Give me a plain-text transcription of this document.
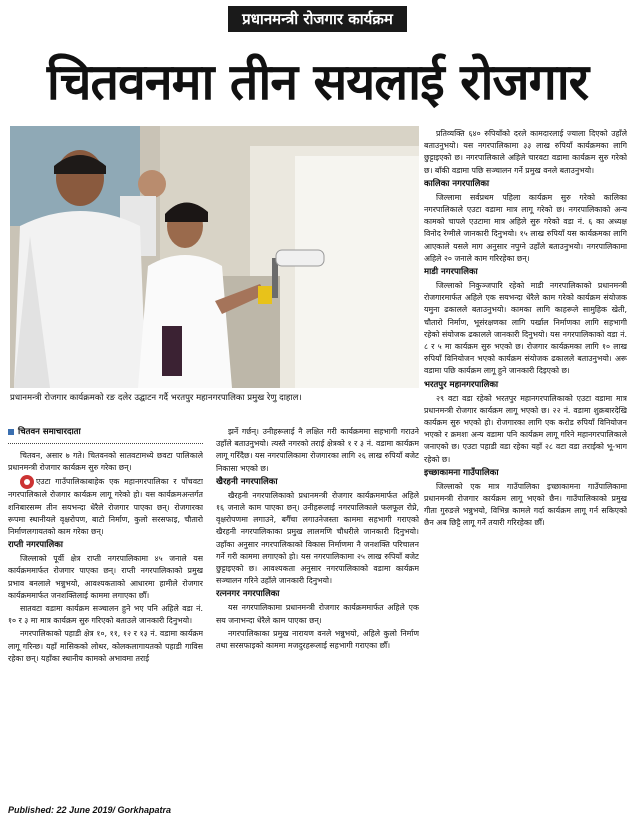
प्रधानमन्त्री रोजगार कार्यक्रम
चितवनमा तीन सयलाई रोजगार
प्रधानमन्त्री रोजगार कार्यक्रमको रङ दलेर उद्घाटन गर्दै भरतपुर महानगरपालिका प्रमुख रेणु दाहाल।
चितवन समाचारदाता

चितवन, असार ७ गते। चितवनको सातवटामध्ये छवटा पालिकाले प्रधानमन्त्री रोजगार कार्यक्रम सुरु गरेका छन्।

एउटा गाउँपालिकाबाहेक एक महानगरपालिका र पाँचवटा नगरपालिकाले रोजगार कार्यक्रम लागू गरेको हो। यस कार्यक्रमअन्तर्गत शनिबारसम्म तीन सयभन्दा धेरैले रोजगार पाएका छन्। रोजगारका रूपमा स्थानीयले वृक्षरोपण, बाटो निर्माण, कुलो सरसफाइ, चौतारो निर्माणलगायतको काम गरेका छन्।

राप्ती नगरपालिका

जिल्लाको पूर्वी क्षेत्र राप्ती नगरपालिकामा ४५ जनाले यस कार्यक्रममार्फत रोजगार पाएका छन्। राप्ती नगरपालिकाको प्रमुख प्रभाव बनलाले भन्नुभयो, आवश्यकताको आधारमा हामीले रोजगार कार्यक्रममार्फत जनशक्तिलाई काममा लगाएका छौँ।

सातवटा वडामा कार्यक्रम सञ्चालन हुने भए पनि अहिले वडा नं. १० र ३ मा मात्र कार्यक्रम सुरु गरिएको बताउले जानकारी दिनुभयो।

नगरपालिकाको पहाडी क्षेत्र १०, ११, १२ र १३ नं. वडामा कार्यक्रम लागू गरिन्छ। यहाँ मासिकको लोथर, कोलकलागायतको पहाडी गाविस रहेका छन्। यहाँका स्थानीय कामको अभावमा तराई

झर्ने गर्छन्। उनीहरूलाई नै लक्षित गरी कार्यक्रममा सहभागी गराउने उहाँले बताउनुभयो। त्यस्तै नगरको तराई क्षेत्रको १ र ३ नं. वडामा कार्यक्रम लागू गरिँदैछ। यस नगरपालिकामा रोजगारका लागि २६ लाख रुपियाँ बजेट निकासा भएको छ।

खैरहनी नगरपालिका

खैरहनी नगरपालिकाको प्रधानमन्त्री रोजगार कार्यक्रममार्फत अहिले १६ जनाले काम पाएका छन्। उनीहरूलाई नगरपालिकाले फलफूल रोप्ने, वृक्षरोपणमा लगाउने, बगैँचा लगाउनेजस्ता काममा सहभागी गराएको खैरहनी नगरपालिकाका प्रमुख लालमणि चौधरीले जानकारी दिनुभयो। उहाँका अनुसार नगरपालिकाको विकास निर्माणमा नै जनशक्ति परिचालन गर्ने गरी काममा लगाएको हो। यस नगरपालिकामा २५ लाख रुपियाँ बजेट छुट्टाइएको छ। आवश्यकता अनुसार नगरपालिकाको वडामा कार्यक्रम सञ्चालन गरिने उहाँले जानकारी दिनुभयो।

रत्ननगर नगरपालिका

यस नगरपालिकामा प्रधानमन्त्री रोजगार कार्यक्रममार्फत अहिले एक सय जनाभन्दा धेरैले काम पाएका छन्।

नगरपालिकाका प्रमुख नारायण वनले भन्नुभयो, अहिले कुलो निर्माण तथा सरसफाइको काममा मजदुरहरूलाई सहभागी गराएका छौँ।

प्रतिव्यक्ति ६४० रुपियाँको दरले कामदारलाई ज्याला दिएको उहाँले बताउनुभयो। यस नगरपालिकामा ३३ लाख रुपियाँ कार्यक्रमका लागि छुट्टाइएको छ। नगरपालिकाले अहिले चारवटा वडामा कार्यक्रम सुरु गरेको छ। बाँकी वडामा पछि सञ्चालन गर्ने प्रमुख वनले बताउनुभयो।

कालिका नगरपालिका

जिल्लामा सर्वप्रथम पहिला कार्यक्रम सुरु गरेको कालिका नगरपालिकाले एउटा वडामा मात्र लागू गरेको छ। नगरपालिकाको अन्य कामको चापले एउटामा मात्र अहिले सुरु गरेको वडा नं. ६ का अध्यक्ष विनोद रेग्मीले जानकारी दिनुभयो। १५ लाख रुपियाँ यस कार्यक्रमका लागि आएकाले यसले माग अनुसार नपुग्ने उहाँले बताउनुभयो। नगरपालिकामा अहिले २० जनाले काम गरिरहेका छन्।

माडी नगरपालिका

जिल्लाको निकुञ्जपारि रहेको माडी नगरपालिकाको प्रधानमन्त्री रोजगारमार्फत अहिले एक सयभन्दा धेरैले काम गरेको कार्यक्रम संयोजक यमुना ढकालले बताउनुभयो। कामका लागि काहरूले सामुहिक खेती, चौतारो निर्माण, भूसंरक्षणका लागि पर्खाल निर्माणका लागि सहभागी रहेको संयोजक ढकालले जानकारी दिनुभयो। यस नगरपालिकाको वडा नं. ८ र ५ मा कार्यक्रम सुरु भएको छ। रोजगार कार्यक्रमका लागि १० लाख रुपियाँ विनियोजन भएको कार्यक्रम संयोजक ढकालले बताउनुभयो। अरू वडामा पछि कार्यक्रम लागू हुने जानकारी दिइएको छ।

भरतपुर महानगरपालिका

२९ वटा वडा रहेको भरतपुर महानगरपालिकाको एउटा वडामा मात्र प्रधानमन्त्री रोजगार कार्यक्रम लागू भएको छ। २२ नं. वडामा शुक्रबारदेखि कार्यक्रम सुरु भएको हो। रोजगारका लागि एक करोड रुपियाँ विनियोजन भएको र क्रमशः अन्य वडामा पनि कार्यक्रम लागू गरिने महानगरपालिकाले जनाएको छ। एउटा पहाडी वडा रहेका यहाँ २८ वटा वडा तराईको भू-भाग रहेको छ।

इच्छाकामना गाउँपालिका

जिल्लाको एक मात्र गाउँपालिका इच्छाकामना गाउँपालिकामा प्रधानमन्त्री रोजगार कार्यक्रम लागू भएको छैन। गाउँपालिकाको प्रमुख गीता गुरुङले भन्नुभयो, विभिन्न कामले गर्दा कार्यक्रम लागू गर्न सकिएको छैन अब छिट्टै लागू गर्ने तयारी गरिरहेका छौँ।

Published: 22 June 2019/ Gorkhapatra
